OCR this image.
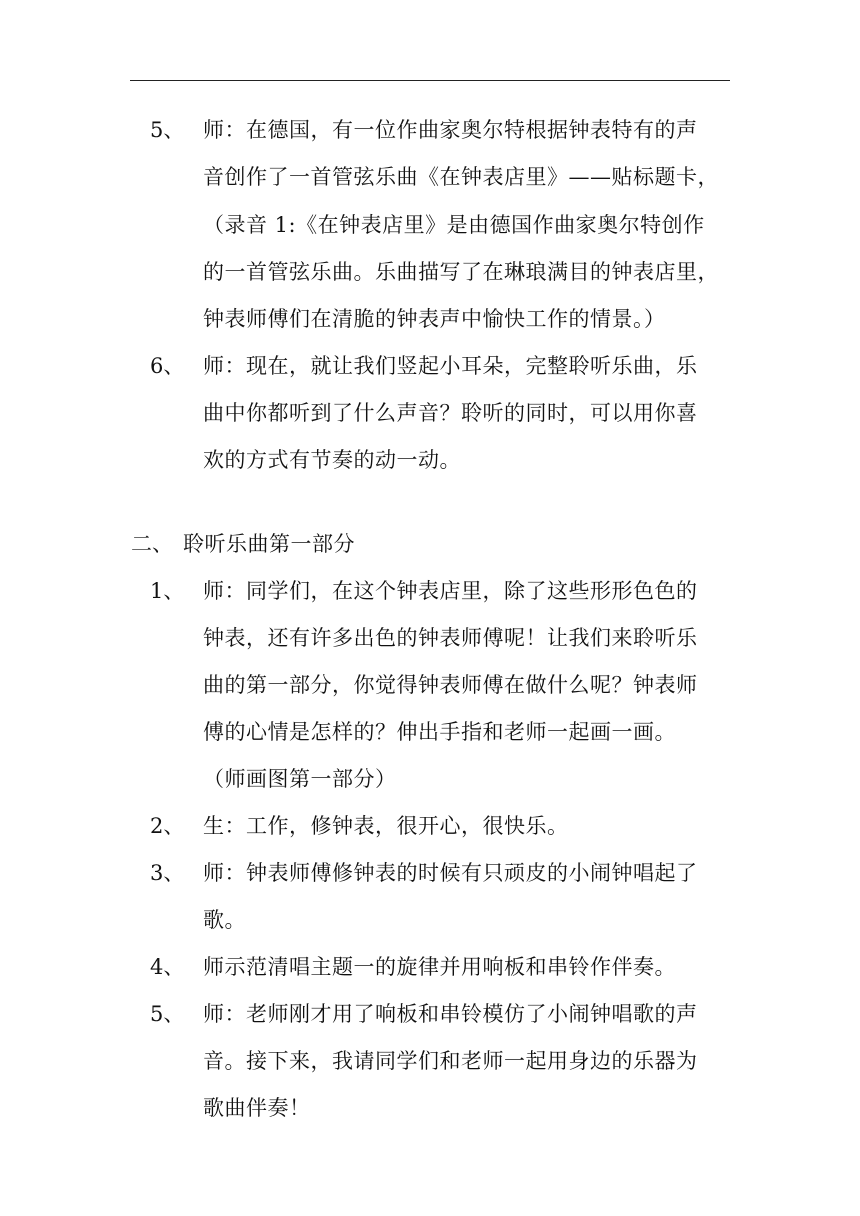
5、 师：在德国，有一位作曲家奥尔特根据钟表特有的声
音创作了一首管弦乐曲《在钟表店里》——贴标题卡，
（录音 1:《在钟表店里》是由德国作曲家奥尔特创作
的一首管弦乐曲。乐曲描写了在琳琅满目的钟表店里，
钟表师傅们在清脆的钟表声中愉快工作的情景。）
6、 师：现在，就让我们竖起小耳朵，完整聆听乐曲，乐
曲中你都听到了什么声音？聆听的同时，可以用你喜
欢的方式有节奏的动一动。
二、 聆听乐曲第一部分
1、 师：同学们，在这个钟表店里，除了这些形形色色的
钟表，还有许多出色的钟表师傅呢！让我们来聆听乐
曲的第一部分，你觉得钟表师傅在做什么呢？钟表师
傅的心情是怎样的？伸出手指和老师一起画一画。
（师画图第一部分）
2、 生：工作，修钟表，很开心，很快乐。
3、 师：钟表师傅修钟表的时候有只顽皮的小闹钟唱起了
歌。
4、 师示范清唱主题一的旋律并用响板和串铃作伴奏。
5、 师：老师刚才用了响板和串铃模仿了小闹钟唱歌的声
音。接下来，我请同学们和老师一起用身边的乐器为
歌曲伴奏！
